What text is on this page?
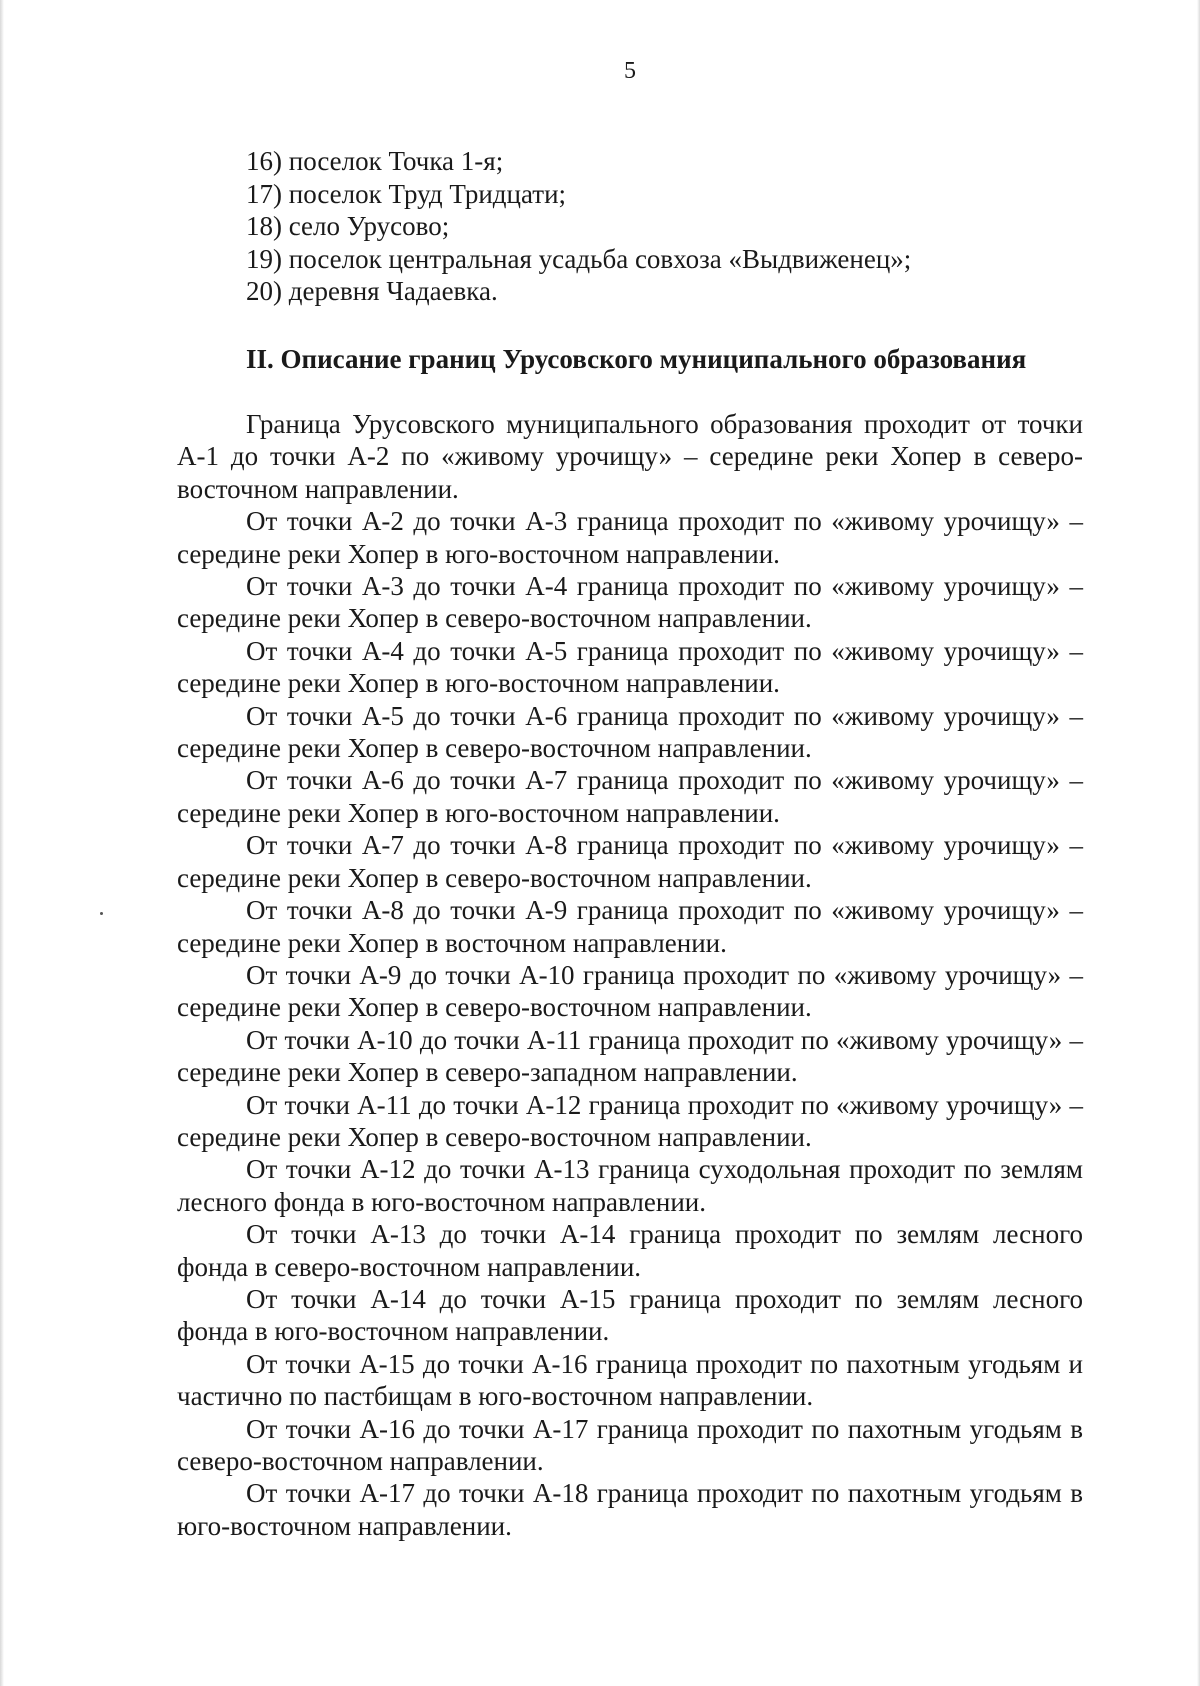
5
16) поселок Точка 1-я;
17) поселок Труд Тридцати;
18) село Урусово;
19) поселок центральная усадьба совхоза «Выдвиженец»;
20) деревня Чадаевка.
II. Описание границ Урусовского муниципального образования

Граница Урусовского муниципального образования проходит от точки А-1 до точки А-2 по «живому урочищу» – середине реки Хопер в северо-восточном направлении.

От точки А-2 до точки А-3 граница проходит по «живому урочищу» – середине реки Хопер в юго-восточном направлении.

От точки А-3 до точки А-4 граница проходит по «живому урочищу» – середине реки Хопер в северо-восточном направлении.

От точки А-4 до точки А-5 граница проходит по «живому урочищу» – середине реки Хопер в юго-восточном направлении.

От точки А-5 до точки А-6 граница проходит по «живому урочищу» – середине реки Хопер в северо-восточном направлении.

От точки А-6 до точки А-7 граница проходит по «живому урочищу» – середине реки Хопер в юго-восточном направлении.

От точки А-7 до точки А-8 граница проходит по «живому урочищу» – середине реки Хопер в северо-восточном направлении.

От точки А-8 до точки А-9 граница проходит по «живому урочищу» – середине реки Хопер в восточном направлении.

От точки А-9 до точки А-10 граница проходит по «живому урочищу» – середине реки Хопер в северо-восточном направлении.

От точки А-10 до точки А-11 граница проходит по «живому урочищу» – середине реки Хопер в северо-западном направлении.

От точки А-11 до точки А-12 граница проходит по «живому урочищу» – середине реки Хопер в северо-восточном направлении.

От точки А-12 до точки А-13 граница суходольная проходит по землям лесного фонда в юго-восточном направлении.

От точки А-13 до точки А-14 граница проходит по землям лесного фонда в северо-восточном направлении.

От точки А-14 до точки А-15 граница проходит по землям лесного фонда в юго-восточном направлении.

От точки А-15 до точки А-16 граница проходит по пахотным угодьям и частично по пастбищам в юго-восточном направлении.

От точки А-16 до точки А-17 граница проходит по пахотным угодьям в северо-восточном направлении.

От точки А-17 до точки А-18 граница проходит по пахотным угодьям в юго-восточном направлении.
